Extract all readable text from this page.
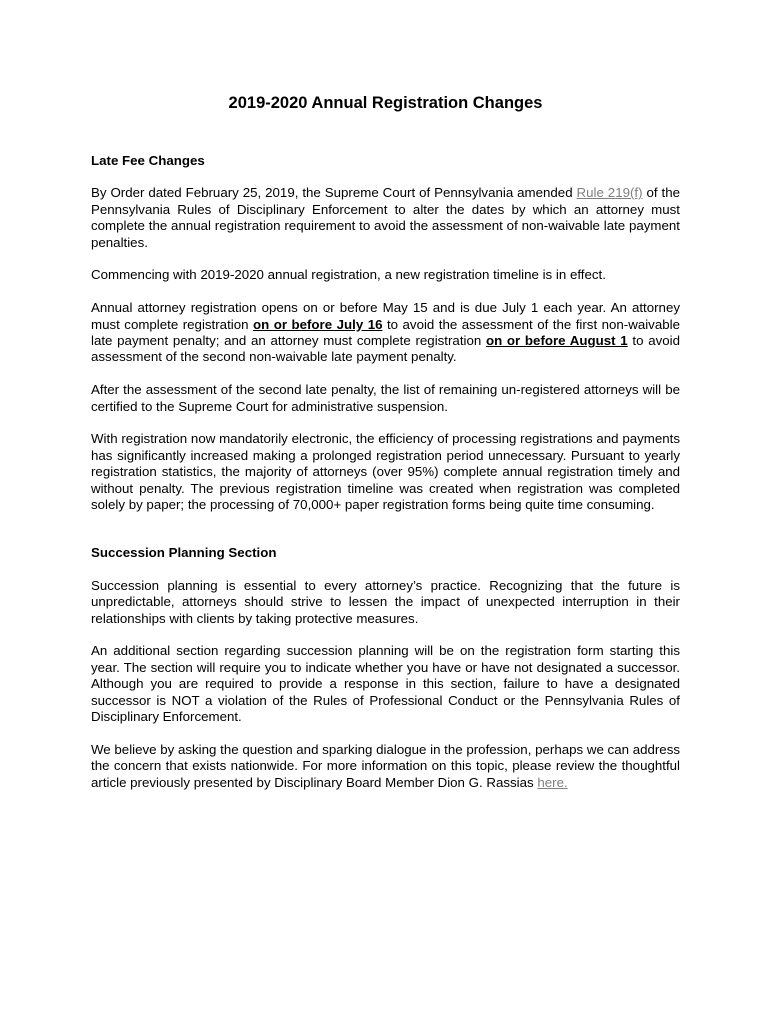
2019-2020 Annual Registration Changes
Late Fee Changes

By Order dated February 25, 2019, the Supreme Court of Pennsylvania amended Rule 219(f) of the Pennsylvania Rules of Disciplinary Enforcement to alter the dates by which an attorney must complete the annual registration requirement to avoid the assessment of non-waivable late payment penalties.

Commencing with 2019-2020 annual registration, a new registration timeline is in effect.

Annual attorney registration opens on or before May 15 and is due July 1 each year. An attorney must complete registration on or before July 16 to avoid the assessment of the first non-waivable late payment penalty; and an attorney must complete registration on or before August 1 to avoid assessment of the second non-waivable late payment penalty.

After the assessment of the second late penalty, the list of remaining un-registered attorneys will be certified to the Supreme Court for administrative suspension.

With registration now mandatorily electronic, the efficiency of processing registrations and payments has significantly increased making a prolonged registration period unnecessary. Pursuant to yearly registration statistics, the majority of attorneys (over 95%) complete annual registration timely and without penalty. The previous registration timeline was created when registration was completed solely by paper; the processing of 70,000+ paper registration forms being quite time consuming.

Succession Planning Section

Succession planning is essential to every attorney’s practice. Recognizing that the future is unpredictable, attorneys should strive to lessen the impact of unexpected interruption in their relationships with clients by taking protective measures.

An additional section regarding succession planning will be on the registration form starting this year. The section will require you to indicate whether you have or have not designated a successor. Although you are required to provide a response in this section, failure to have a designated successor is NOT a violation of the Rules of Professional Conduct or the Pennsylvania Rules of Disciplinary Enforcement.

We believe by asking the question and sparking dialogue in the profession, perhaps we can address the concern that exists nationwide. For more information on this topic, please review the thoughtful article previously presented by Disciplinary Board Member Dion G. Rassias here.
